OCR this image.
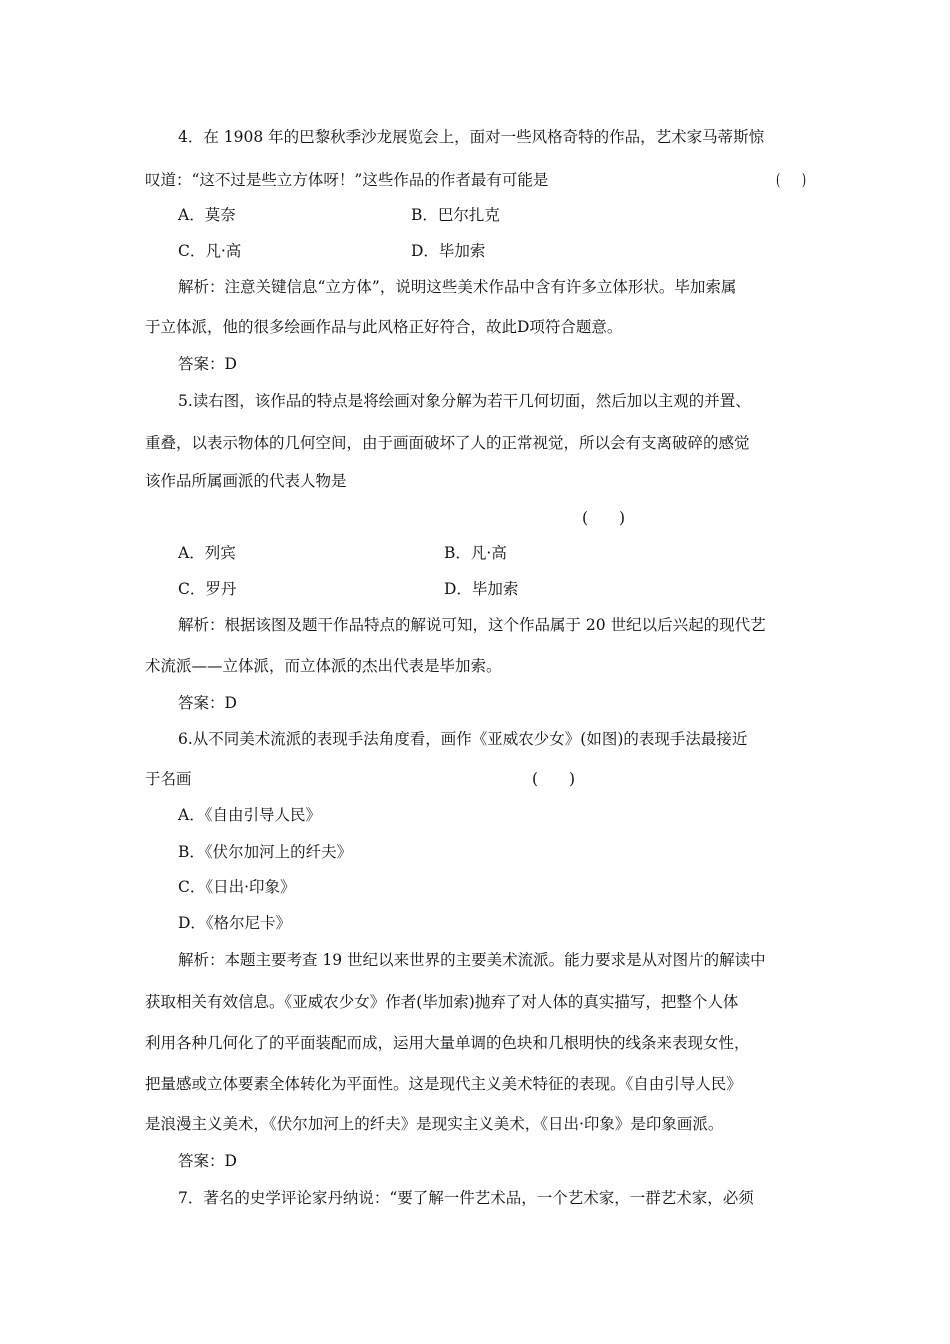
4．在 1908 年的巴黎秋季沙龙展览会上，面对一些风格奇特的作品，艺术家马蒂斯惊
叹道：“这不过是些立方体呀！”这些作品的作者最有可能是	(　　)
A．莫奈	B．巴尔扎克
C．凡·高	D．毕加索
解析：注意关键信息“立方体”，说明这些美术作品中含有许多立体形状。毕加索属
于立体派，他的很多绘画作品与此风格正好符合，故此D项符合题意。
答案：D
5.读右图，该作品的特点是将绘画对象分解为若干几何切面，然后加以主观的并置、
重叠，以表示物体的几何空间，由于画面破坏了人的正常视觉，所以会有支离破碎的感觉
该作品所属画派的代表人物是
(　　)
A．列宾	B．凡·高
C．罗丹	D．毕加索
解析：根据该图及题干作品特点的解说可知，这个作品属于 20 世纪以后兴起的现代艺
术流派——立体派，而立体派的杰出代表是毕加索。
答案：D
6.从不同美术流派的表现手法角度看，画作《亚威农少女》(如图)的表现手法最接近
于名画	(　　)
A．《自由引导人民》
B．《伏尔加河上的纤夫》
C．《日出·印象》
D．《格尔尼卡》
解析：本题主要考查 19 世纪以来世界的主要美术流派。能力要求是从对图片的解读中
获取相关有效信息。《亚威农少女》作者(毕加索)抛弃了对人体的真实描写，把整个人体
利用各种几何化了的平面装配而成，运用大量单调的色块和几根明快的线条来表现女性，
把量感或立体要素全体转化为平面性。这是现代主义美术特征的表现。《自由引导人民》
是浪漫主义美术，《伏尔加河上的纤夫》是现实主义美术，《日出·印象》是印象画派。
答案：D
7．著名的史学评论家丹纳说：“要了解一件艺术品，一个艺术家，一群艺术家，必须
